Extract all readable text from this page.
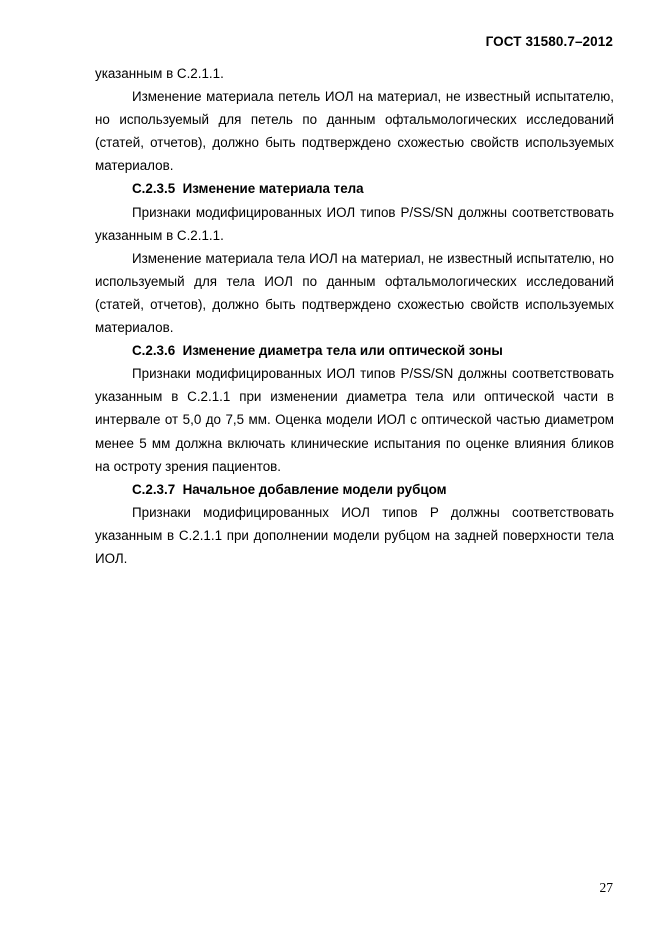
ГОСТ 31580.7–2012

указанным в С.2.1.1.

Изменение материала петель ИОЛ на материал, не известный испытателю, но используемый для петель по данным офтальмологических исследований (статей, отчетов), должно быть подтверждено схожестью свойств используемых материалов.

С.2.3.5  Изменение материала тела

Признаки модифицированных ИОЛ типов P/SS/SN должны соответствовать указанным в С.2.1.1.

Изменение материала тела ИОЛ на материал, не известный испытателю, но используемый для тела ИОЛ по данным офтальмологических исследований (статей, отчетов), должно быть подтверждено схожестью свойств используемых материалов.

С.2.3.6  Изменение диаметра тела или оптической зоны

Признаки модифицированных ИОЛ типов P/SS/SN должны соответствовать указанным в С.2.1.1 при изменении диаметра тела или оптической части в интервале от 5,0 до 7,5 мм. Оценка модели ИОЛ с оптической частью диаметром менее 5 мм должна включать клинические испытания по оценке влияния бликов на остроту зрения пациентов.

С.2.3.7  Начальное добавление модели рубцом

Признаки модифицированных ИОЛ типов P должны соответствовать указанным в С.2.1.1 при дополнении модели рубцом на задней поверхности тела ИОЛ.

27
